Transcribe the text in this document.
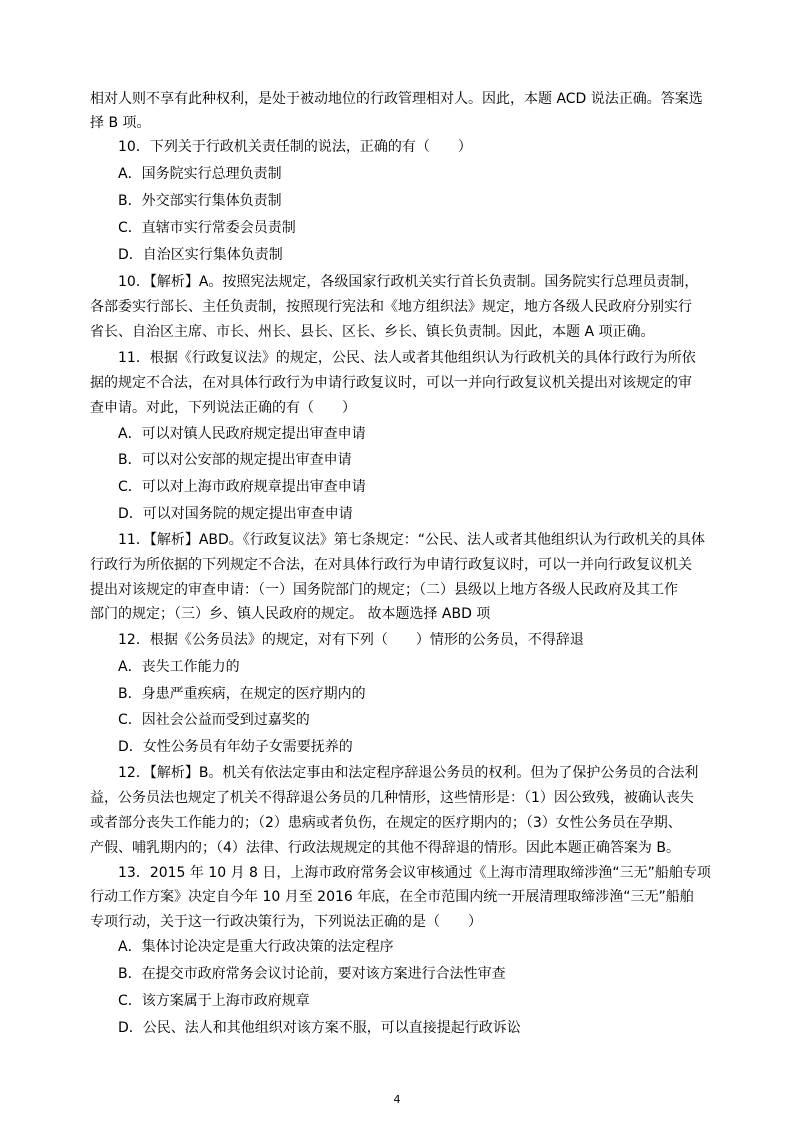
相对人则不享有此种权利，是处于被动地位的行政管理相对人。因此，本题 ACD 说法正确。答案选
择 B 项。
10．下列关于行政机关责任制的说法，正确的有（　　）
A．国务院实行总理负责制
B．外交部实行集体负责制
C．直辖市实行常委会员责制
D．自治区实行集体负责制
10．【解析】A。按照宪法规定，各级国家行政机关实行首长负责制。国务院实行总理员责制，
各部委实行部长、主任负责制，按照现行宪法和《地方组织法》规定，地方各级人民政府分别实行
省长、自治区主席、市长、州长、县长、区长、乡长、镇长负责制。因此，本题 A 项正确。
11．根据《行政复议法》的规定，公民、法人或者其他组织认为行政机关的具体行政行为所依
据的规定不合法，在对具体行政行为申请行政复议时，可以一并向行政复议机关提出对该规定的审
查申请。对此，下列说法正确的有（　　）
A．可以对镇人民政府规定提出审查申请
B．可以对公安部的规定提出审查申请
C．可以对上海市政府规章提出审查申请
D．可以对国务院的规定提出审查申请
11．【解析】ABD。《行政复议法》第七条规定：“公民、法人或者其他组织认为行政机关的具体
行政行为所依据的下列规定不合法，在对具体行政行为申请行政复议时，可以一并向行政复议机关
提出对该规定的审查申请：（一）国务院部门的规定；（二）县级以上地方各级人民政府及其工作
部门的规定；（三）乡、镇人民政府的规定。 故本题选择 ABD 项
12．根据《公务员法》的规定，对有下列（　　）情形的公务员，不得辞退
A．丧失工作能力的
B．身患严重疾病，在规定的医疗期内的
C．因社会公益而受到过嘉奖的
D．女性公务员有年幼子女需要抚养的
12．【解析】B。机关有依法定事由和法定程序辞退公务员的权利。但为了保护公务员的合法利
益，公务员法也规定了机关不得辞退公务员的几种情形，这些情形是：（1）因公致残，被确认丧失
或者部分丧失工作能力的；（2）患病或者负伤，在规定的医疗期内的；（3）女性公务员在孕期、
产假、哺乳期内的；（4）法律、行政法规规定的其他不得辞退的情形。因此本题正确答案为 B。
13．2015 年 10 月 8 日，上海市政府常务会议审核通过《上海市清理取缔涉渔“三无”船舶专项
行动工作方案》决定自今年 10 月至 2016 年底，在全市范围内统一开展清理取缔涉渔“三无”船舶
专项行动，关于这一行政决策行为，下列说法正确的是（　　）
A．集体讨论决定是重大行政决策的法定程序
B．在提交市政府常务会议讨论前，要对该方案进行合法性审查
C．该方案属于上海市政府规章
D．公民、法人和其他组织对该方案不服，可以直接提起行政诉讼
4
